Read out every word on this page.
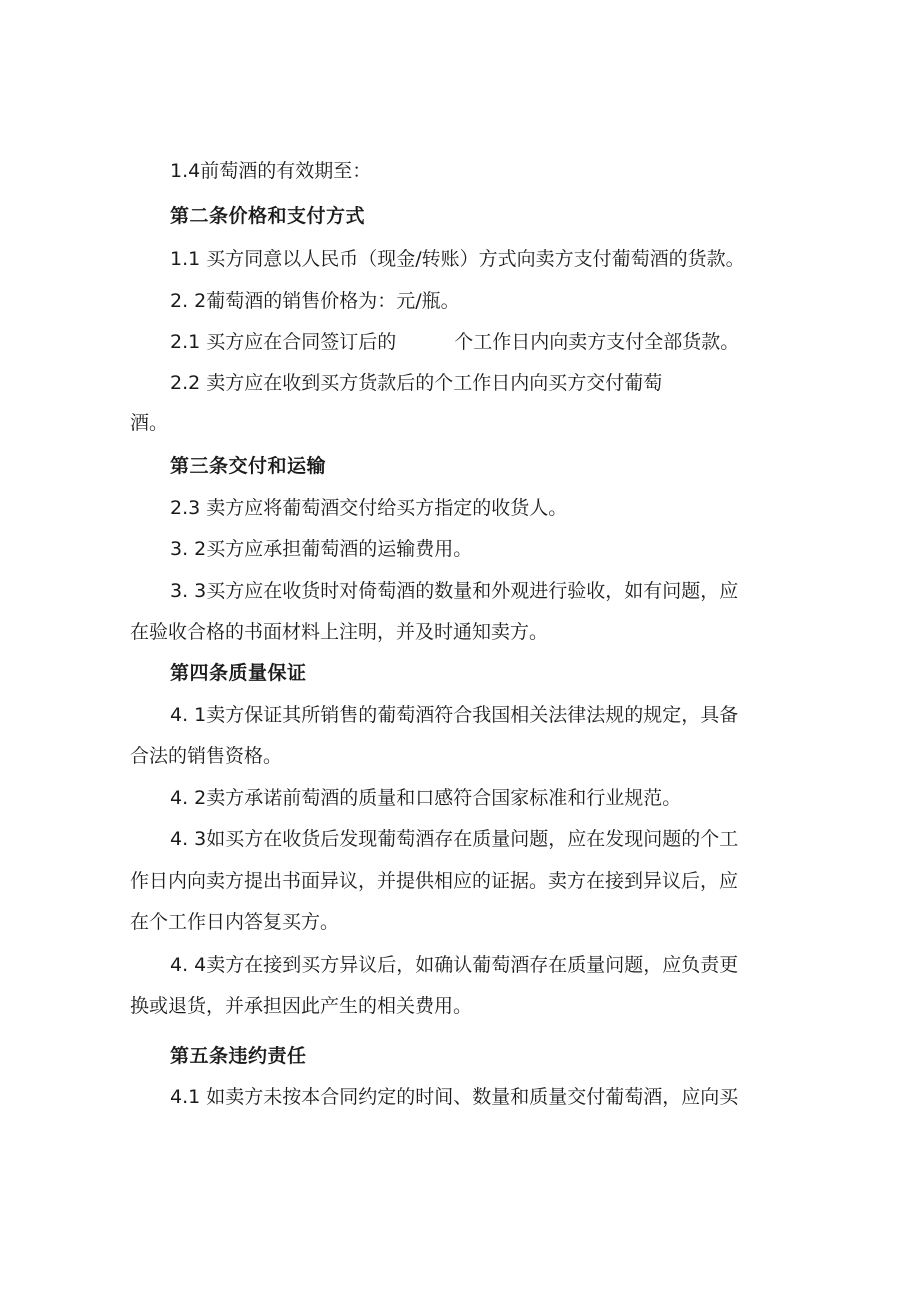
1.4前萄酒的有效期至：
第二条价格和支付方式
1.1 买方同意以人民币（现金/转账）方式向卖方支付葡萄酒的货款。
2. 2葡萄酒的销售价格为：元/瓶。
2.1 买方应在合同签订后的	个工作日内向卖方支付全部货款。
2.2 卖方应在收到买方货款后的个工作日内向买方交付葡萄
酒。
第三条交付和运输
2.3 卖方应将葡萄酒交付给买方指定的收货人。
3. 2买方应承担葡萄酒的运输费用。
3. 3买方应在收货时对倚萄酒的数量和外观进行验收，如有问题，应
在验收合格的书面材料上注明，并及时通知卖方。
第四条质量保证
4. 1卖方保证其所销售的葡萄酒符合我国相关法律法规的规定，具备
合法的销售资格。
4. 2卖方承诺前萄酒的质量和口感符合国家标准和行业规范。
4. 3如买方在收货后发现葡萄酒存在质量问题，应在发现问题的个工
作日内向卖方提出书面异议，并提供相应的证据。卖方在接到异议后，应
在个工作日内答复买方。
4. 4卖方在接到买方异议后，如确认葡萄酒存在质量问题，应负责更
换或退货，并承担因此产生的相关费用。
第五条违约责任
4.1 如卖方未按本合同约定的时间、数量和质量交付葡萄酒，应向买
